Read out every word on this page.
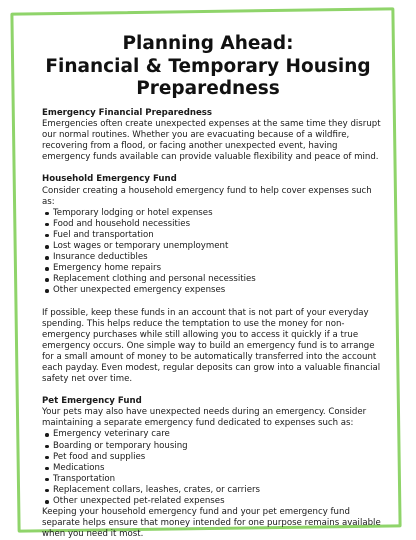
Planning Ahead:
Financial & Temporary Housing
Preparedness

Emergency Financial Preparedness

Emergencies often create unexpected expenses at the same time they disrupt our normal routines. Whether you are evacuating because of a wildfire, recovering from a flood, or facing another unexpected event, having emergency funds available can provide valuable flexibility and peace of mind.

Household Emergency Fund

Consider creating a household emergency fund to help cover expenses such as:

Temporary lodging or hotel expenses
Food and household necessities
Fuel and transportation
Lost wages or temporary unemployment
Insurance deductibles
Emergency home repairs
Replacement clothing and personal necessities
Other unexpected emergency expenses

If possible, keep these funds in an account that is not part of your everyday spending. This helps reduce the temptation to use the money for non-emergency purchases while still allowing you to access it quickly if a true emergency occurs. One simple way to build an emergency fund is to arrange for a small amount of money to be automatically transferred into the account each payday. Even modest, regular deposits can grow into a valuable financial safety net over time.

Pet Emergency Fund

Your pets may also have unexpected needs during an emergency. Consider maintaining a separate emergency fund dedicated to expenses such as:

Emergency veterinary care
Boarding or temporary housing
Pet food and supplies
Medications
Transportation
Replacement collars, leashes, crates, or carriers
Other unexpected pet-related expenses

Keeping your household emergency fund and your pet emergency fund separate helps ensure that money intended for one purpose remains available when you need it most.
